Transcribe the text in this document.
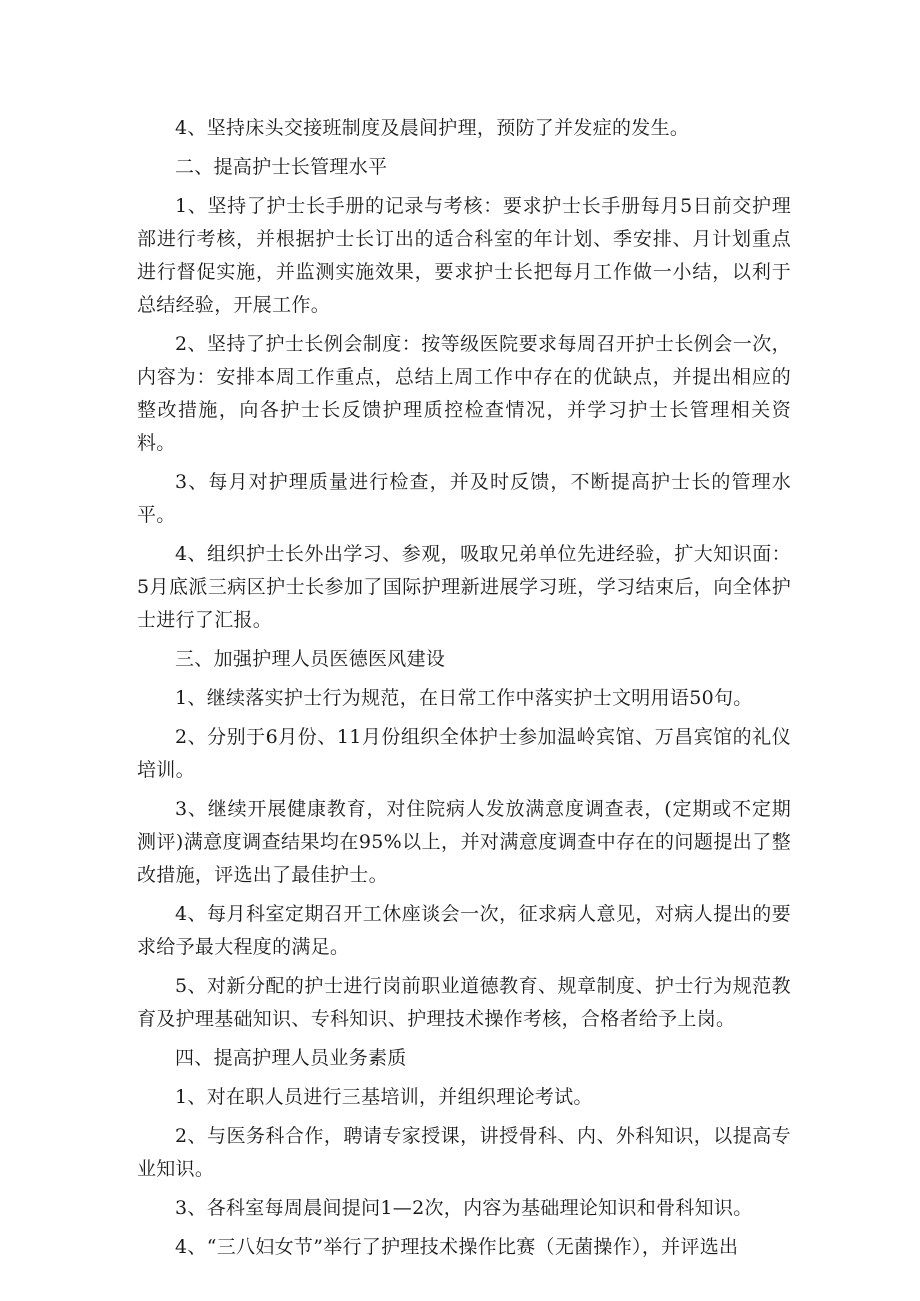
4、坚持床头交接班制度及晨间护理，预防了并发症的发生。

二、提高护士长管理水平

1、坚持了护士长手册的记录与考核：要求护士长手册每月5日前交护理部进行考核，并根据护士长订出的适合科室的年计划、季安排、月计划重点进行督促实施，并监测实施效果，要求护士长把每月工作做一小结，以利于总结经验，开展工作。

2、坚持了护士长例会制度：按等级医院要求每周召开护士长例会一次，内容为：安排本周工作重点，总结上周工作中存在的优缺点，并提出相应的整改措施，向各护士长反馈护理质控检查情况，并学习护士长管理相关资料。

3、每月对护理质量进行检查，并及时反馈，不断提高护士长的管理水平。

4、组织护士长外出学习、参观，吸取兄弟单位先进经验，扩大知识面：5月底派三病区护士长参加了国际护理新进展学习班，学习结束后，向全体护士进行了汇报。

三、加强护理人员医德医风建设

1、继续落实护士行为规范，在日常工作中落实护士文明用语50句。

2、分别于6月份、11月份组织全体护士参加温岭宾馆、万昌宾馆的礼仪培训。

3、继续开展健康教育，对住院病人发放满意度调查表，(定期或不定期测评)满意度调查结果均在95%以上，并对满意度调查中存在的问题提出了整改措施，评选出了最佳护士。

4、每月科室定期召开工休座谈会一次，征求病人意见，对病人提出的要求给予最大程度的满足。

5、对新分配的护士进行岗前职业道德教育、规章制度、护士行为规范教育及护理基础知识、专科知识、护理技术操作考核，合格者给予上岗。

四、提高护理人员业务素质

1、对在职人员进行三基培训，并组织理论考试。

2、与医务科合作，聘请专家授课，讲授骨科、内、外科知识，以提高专业知识。

3、各科室每周晨间提问1—2次，内容为基础理论知识和骨科知识。

4、“三八妇女节”举行了护理技术操作比赛（无菌操作），并评选出
